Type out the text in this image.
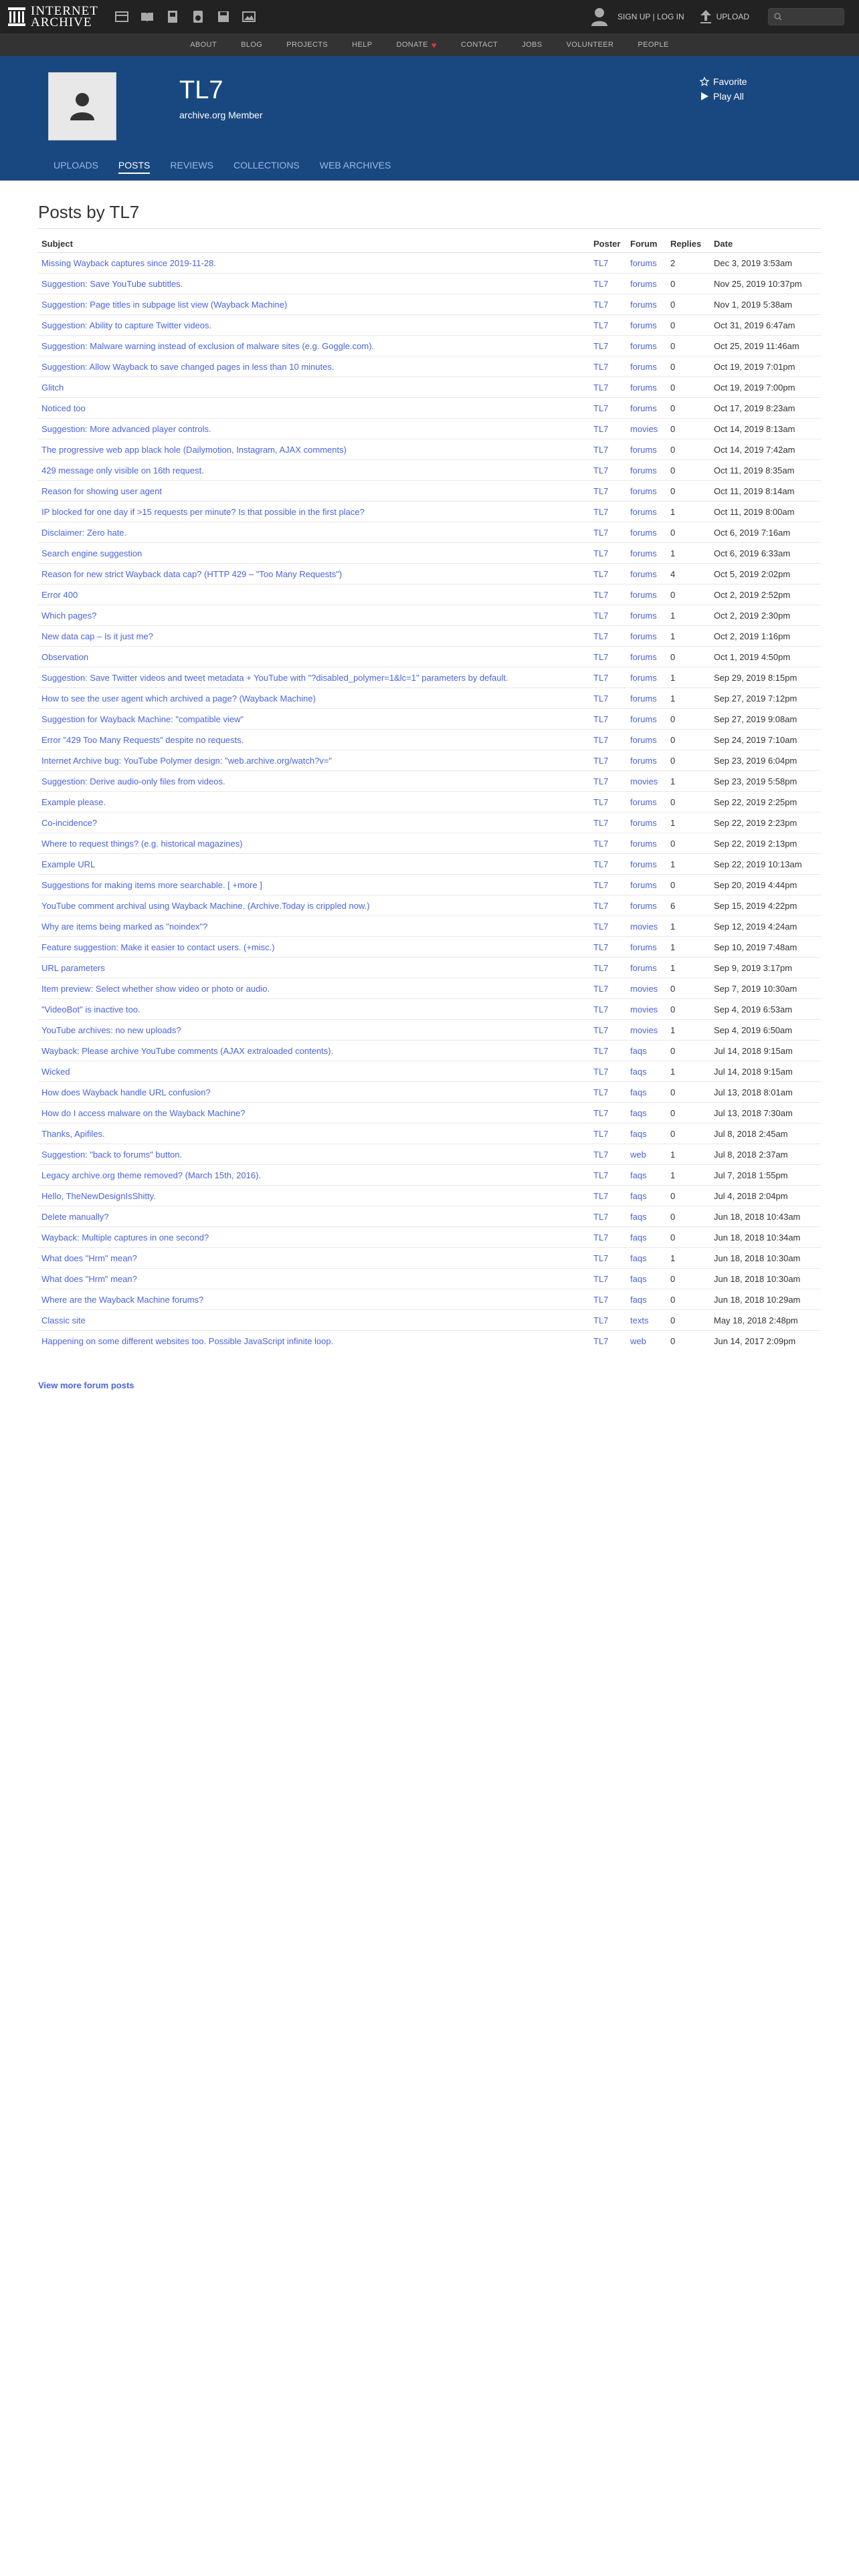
INTERNET
ARCHIVE	SIGN UP | LOG IN	UPLOAD
ABOUT	BLOG	PROJECTS	HELP	DONATE ♥	CONTACT	JOBS	VOLUNTEER	PEOPLE
TL7
archive.org Member
Favorite
Play All
UPLOADS POSTS REVIEWS COLLECTIONS WEB ARCHIVES
Posts by TL7
Subject	Poster	Forum	Replies	Date
Missing Wayback captures since 2019-11-28.	TL7	forums	2	Dec 3, 2019 3:53am
Suggestion: Save YouTube subtitles.	TL7	forums	0	Nov 25, 2019 10:37pm
Suggestion: Page titles in subpage list view (Wayback Machine)	TL7	forums	0	Nov 1, 2019 5:38am
Suggestion: Ability to capture Twitter videos.	TL7	forums	0	Oct 31, 2019 6:47am
Suggestion: Malware warning instead of exclusion of malware sites (e.g. Goggle.com).	TL7	forums	0	Oct 25, 2019 11:46am
Suggestion: Allow Wayback to save changed pages in less than 10 minutes.	TL7	forums	0	Oct 19, 2019 7:01pm
Glitch	TL7	forums	0	Oct 19, 2019 7:00pm
Noticed too	TL7	forums	0	Oct 17, 2019 8:23am
Suggestion: More advanced player controls.	TL7	movies	0	Oct 14, 2019 8:13am
The progressive web app black hole (Dailymotion, Instagram, AJAX comments)	TL7	forums	0	Oct 14, 2019 7:42am
429 message only visible on 16th request.	TL7	forums	0	Oct 11, 2019 8:35am
Reason for showing user agent	TL7	forums	0	Oct 11, 2019 8:14am
IP blocked for one day if >15 requests per minute? Is that possible in the first place?	TL7	forums	1	Oct 11, 2019 8:00am
Disclaimer: Zero hate.	TL7	forums	0	Oct 6, 2019 7:16am
Search engine suggestion	TL7	forums	1	Oct 6, 2019 6:33am
Reason for new strict Wayback data cap? (HTTP 429 – "Too Many Requests")	TL7	forums	4	Oct 5, 2019 2:02pm
Error 400	TL7	forums	0	Oct 2, 2019 2:52pm
Which pages?	TL7	forums	1	Oct 2, 2019 2:30pm
New data cap – Is it just me?	TL7	forums	1	Oct 2, 2019 1:16pm
Observation	TL7	forums	0	Oct 1, 2019 4:50pm
Suggestion: Save Twitter videos and tweet metadata + YouTube with "?disabled_polymer=1&lc=1" parameters by default.	TL7	forums	1	Sep 29, 2019 8:15pm
How to see the user agent which archived a page? (Wayback Machine)	TL7	forums	1	Sep 27, 2019 7:12pm
Suggestion for Wayback Machine: "compatible view"	TL7	forums	0	Sep 27, 2019 9:08am
Error "429 Too Many Requests" despite no requests.	TL7	forums	0	Sep 24, 2019 7:10am
Internet Archive bug: YouTube Polymer design: "web.archive.org/watch?v="	TL7	forums	0	Sep 23, 2019 6:04pm
Suggestion: Derive audio-only files from videos.	TL7	movies	1	Sep 23, 2019 5:58pm
Example please.	TL7	forums	0	Sep 22, 2019 2:25pm
Co-incidence?	TL7	forums	1	Sep 22, 2019 2:23pm
Where to request things? (e.g. historical magazines)	TL7	forums	0	Sep 22, 2019 2:13pm
Example URL	TL7	forums	1	Sep 22, 2019 10:13am
Suggestions for making items more searchable. [ +more ]	TL7	forums	0	Sep 20, 2019 4:44pm
YouTube comment archival using Wayback Machine. (Archive.Today is crippled now.)	TL7	forums	6	Sep 15, 2019 4:22pm
Why are items being marked as "noindex"?	TL7	movies	1	Sep 12, 2019 4:24am
Feature suggestion: Make it easier to contact users. (+misc.)	TL7	forums	1	Sep 10, 2019 7:48am
URL parameters	TL7	forums	1	Sep 9, 2019 3:17pm
Item preview: Select whether show video or photo or audio.	TL7	movies	0	Sep 7, 2019 10:30am
"VideoBot" is inactive too.	TL7	movies	0	Sep 4, 2019 6:53am
YouTube archives: no new uploads?	TL7	movies	1	Sep 4, 2019 6:50am
Wayback: Please archive YouTube comments (AJAX extraloaded contents).	TL7	faqs	0	Jul 14, 2018 9:15am
Wicked	TL7	faqs	1	Jul 14, 2018 9:15am
How does Wayback handle URL confusion?	TL7	faqs	0	Jul 13, 2018 8:01am
How do I access malware on the Wayback Machine?	TL7	faqs	0	Jul 13, 2018 7:30am
Thanks, Apifiles.	TL7	faqs	0	Jul 8, 2018 2:45am
Suggestion: "back to forums" button.	TL7	web	1	Jul 8, 2018 2:37am
Legacy archive.org theme removed? (March 15th, 2016).	TL7	faqs	1	Jul 7, 2018 1:55pm
Hello, TheNewDesignIsShitty.	TL7	faqs	0	Jul 4, 2018 2:04pm
Delete manually?	TL7	faqs	0	Jun 18, 2018 10:43am
Wayback: Multiple captures in one second?	TL7	faqs	0	Jun 18, 2018 10:34am
What does "Hrm" mean?	TL7	faqs	1	Jun 18, 2018 10:30am
What does "Hrm" mean?	TL7	faqs	0	Jun 18, 2018 10:30am
Where are the Wayback Machine forums?	TL7	faqs	0	Jun 18, 2018 10:29am
Classic site	TL7	texts	0	May 18, 2018 2:48pm
Happening on some different websites too. Possible JavaScript infinite loop.	TL7	web	0	Jun 14, 2017 2:09pm
View more forum posts
